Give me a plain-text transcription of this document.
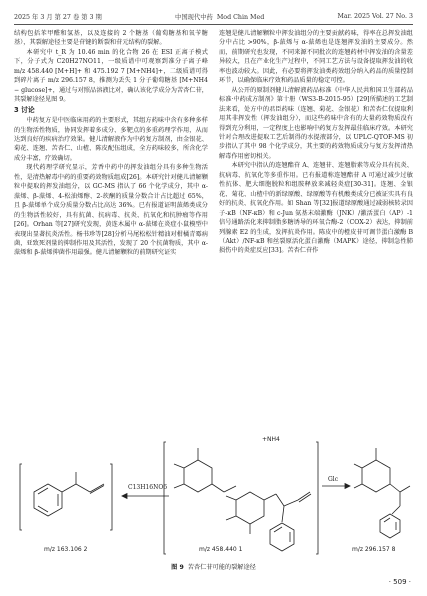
2025 年 3 月 第 27 卷 第 3 期	中国现代中药 Mod Chin Med	Mar. 2025 Vol. 27 No. 3

结构包括苯甲醛和氢基，以及连接的 2 个糖基（葡萄糖基和氧苄糖基），其裂解途径主要是苷键的断裂和苷元结构的裂解。

本研究中 t_R 为 10.46 min 的化合物 26 在 ESI 正离子模式下，分子式为 C20H27NO11，一级质谱中可观察到准分子离子峰 m/z 458.440 [M+H]+ 和 475.192 7 [M+NH4]+，二级质谱可得到碎片离子 m/z 296.157 8，推测为丢失 1 分子葡萄糖基 [M+NH4 − glucose]+，通过与对照品溶液比对，确认该化学成分为苦杏仁苷，其裂解途径见图 9。

3 讨论

中药复方是中医临床用药的主要形式，其组方药味中含有多种多样的生物活性物质，协同发挥着多成分、多靶点的多重药理学作用，从而达到良好的疾病治疗效果。健儿清解液作为中药复方制剂，由金银花、菊花、连翘、苦杏仁、山楂、陈皮配伍组成，全方药味较多，所含化学成分丰富，疗效确切。

现代药理学研究显示，芳香中药中的挥发油组分具有多种生物活性，是清热解毒中药的重要药效物质组成[26]。本研究针对健儿清解颗粒中提取的挥发油组分，以 GC-MS 指认了 66 个化学成分，其中 α-蒎烯、β-蒎烯、4-松油烯醇、2-莰酮的质量分数合计占比超过 65%，且 β-蒎烯单个成分质量分数占比高达 36%。已有报道证明蒎烯类成分的生物活性较好，具有抗菌、抗病毒、抗炎、抗氧化和抗肿瘤等作用[26]。Orhan 等[27]研究发现，黄连木属中 α-蒎烯在炎症小鼠模型中表现出显著抗炎活性。杨书珍等[28]分析马尾松松针精油对柑橘青霉病菌，亚致死剂量的抑制作用及其活性，发现了 20 个抗菌物质，其中 α-蒎烯和 β-蒎烯抑菌作用最强。健儿清解颗粒的前期研究证实

连翘是健儿清解颗粒中挥发油组分的主要贡献药味，得率在总挥发油组分中占比 >90%，β-蒎烯与 α-蒎烯也是连翘挥发油的主要成分。然而，前期研究也发现，不同来源不同批次的连翘药材中挥发油的含量差异较大，且在产业化生产过程中，不同工艺方法与设备提取挥发油的收率也波动较大。因此，有必要将挥发油类药效组分纳入药品的质量控制环节，以确保临床疗效和药品质量的稳定可控。

从公开的原制剂健儿清解液药品标准《中华人民共和国卫生部药品标准·中药成方制剂》第十册（WS3-B-2015-95）[29]所描述的工艺制法来看，处方中的君臣药味（连翘、菊花、金银花）和苦杏仁仅提取利用其非挥发性（挥发油组分），而这些药味中含有的大量药效物质没有得到充分利用，一定程度上也影响中药复方发挥最佳临床疗效。本研究针对合理改进提取工艺后制得的水提液部分，以 UPLC-QTOF-MS 初步指认了其中 98 个化学成分，其主要的药效物质成分与复方发挥清热解毒作用密切相关。

本研究中指认的连翘酯苷 A、连翘苷、连翘脂素等成分具有抗炎、抗病毒、抗氧化等多重作用。已有报道称连翘酯苷 A 可通过减少过敏性抗体、肥大细胞脱粒和组胺释放来减轻炎症[30-31]。连翘、金银花、菊花、山楂中的新绿原酸、绿原酸等有机酸类成分已被证实具有良好的抗炎、抗氧化作用。如 Shan 等[32]报道绿原酸通过减弱核转录因子-κB（NF-κB）和 c-Jun 氨基末端激酶（JNK）/激活蛋白（AP）-1 信号通路活化来抑制脂多糖诱导的环氧合酶-2（COX-2）表达，抑制前列腺素 E2 的生成，发挥抗炎作用。陈皮中的橙皮苷可调节蛋白激酶 B（Akt）/NF-κB 和丝裂原活化蛋白激酶（MAPK）途径，抑制急性肺损伤中的炎症反应[33]。苦杏仁苷作

m/z 163.106 2	m/z 458.440 1	m/z 296.157 8
C13H16NO6
Glc
+NH4
图 9 苦杏仁苷可能的裂解途径
· 509 ·
